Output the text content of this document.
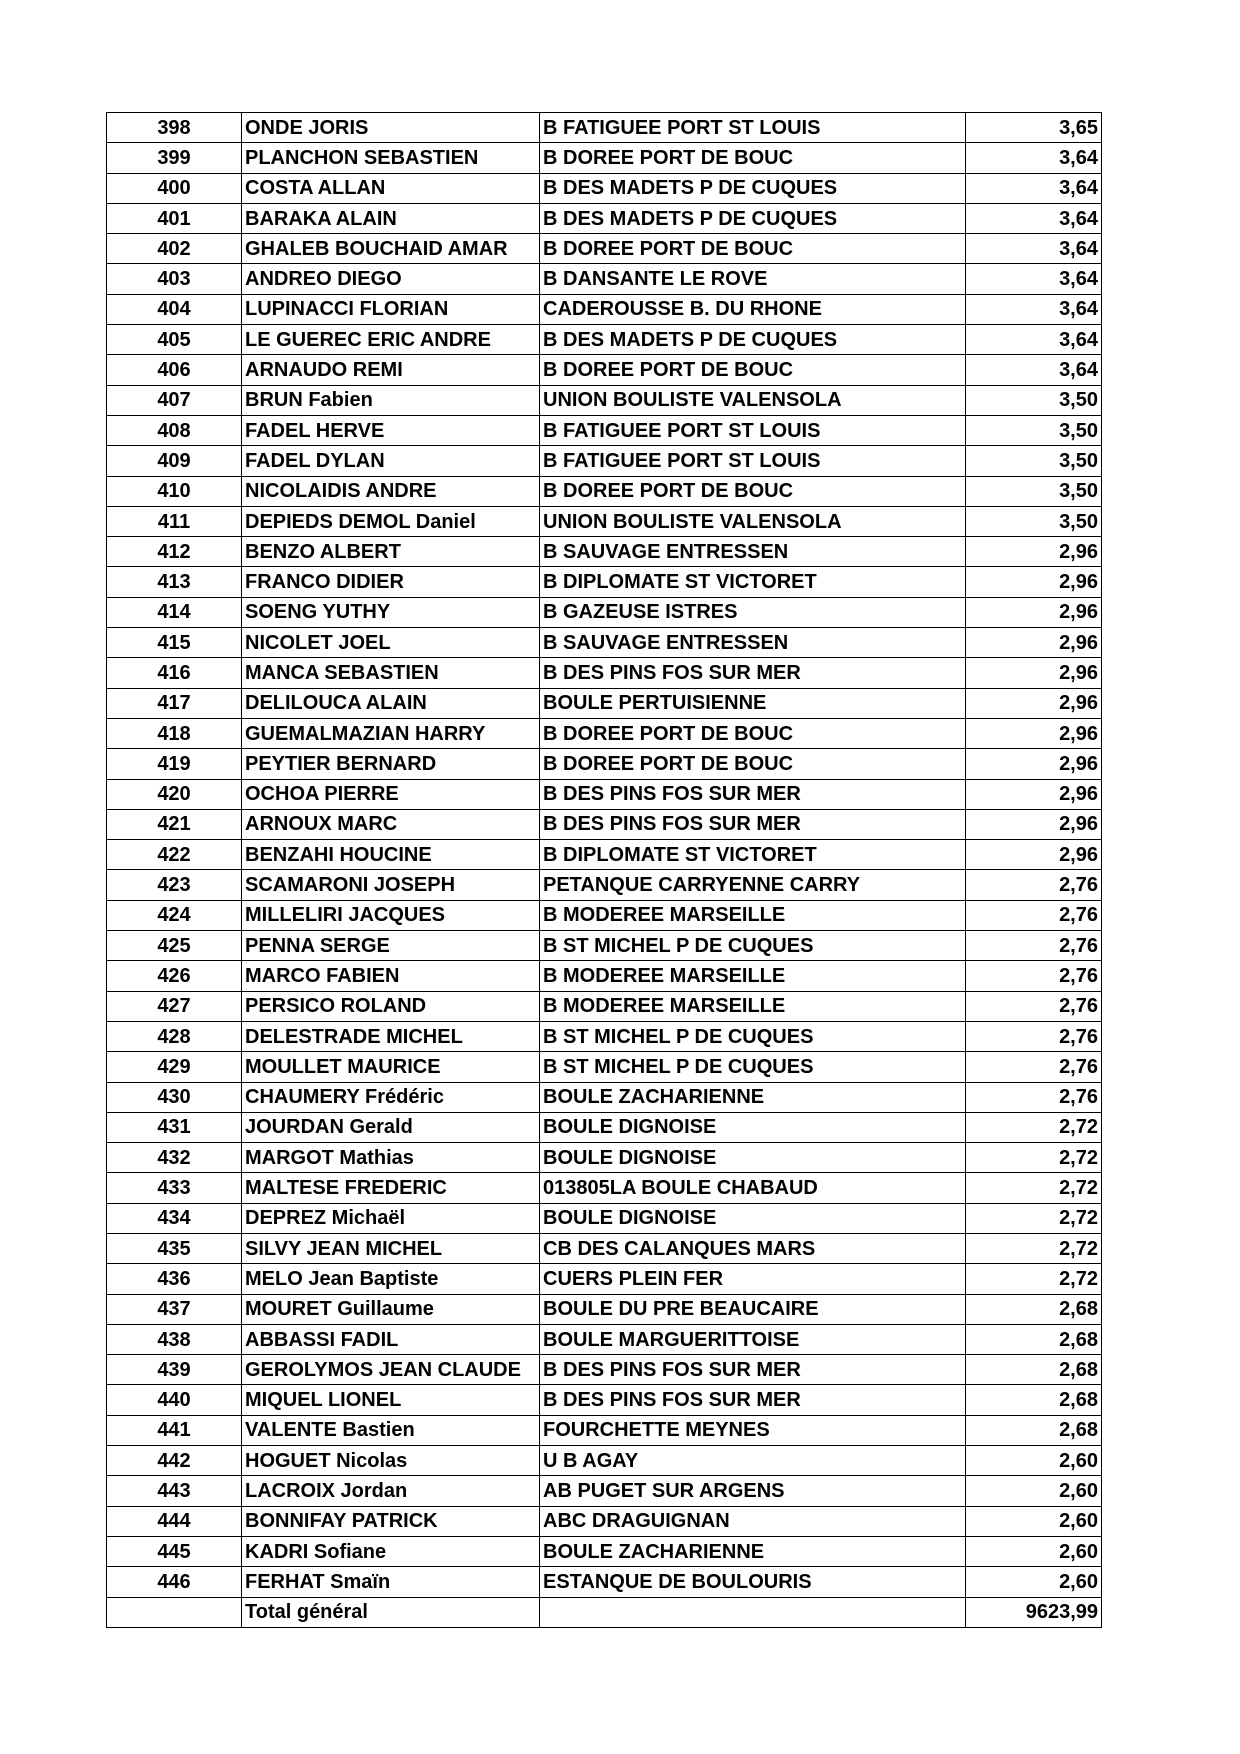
398	ONDE JORIS	B FATIGUEE PORT ST LOUIS	3,65
399	PLANCHON SEBASTIEN	B DOREE PORT DE BOUC	3,64
400	COSTA ALLAN	B DES MADETS P DE CUQUES	3,64
401	BARAKA ALAIN	B DES MADETS P DE CUQUES	3,64
402	GHALEB BOUCHAID AMAR	B DOREE PORT DE BOUC	3,64
403	ANDREO DIEGO	B DANSANTE LE ROVE	3,64
404	LUPINACCI FLORIAN	CADEROUSSE B. DU RHONE	3,64
405	LE GUEREC ERIC ANDRE	B DES MADETS P DE CUQUES	3,64
406	ARNAUDO REMI	B DOREE PORT DE BOUC	3,64
407	BRUN Fabien	UNION BOULISTE VALENSOLA	3,50
408	FADEL HERVE	B FATIGUEE PORT ST LOUIS	3,50
409	FADEL DYLAN	B FATIGUEE PORT ST LOUIS	3,50
410	NICOLAIDIS ANDRE	B DOREE PORT DE BOUC	3,50
411	DEPIEDS DEMOL Daniel	UNION BOULISTE VALENSOLA	3,50
412	BENZO ALBERT	B SAUVAGE ENTRESSEN	2,96
413	FRANCO DIDIER	B DIPLOMATE ST VICTORET	2,96
414	SOENG YUTHY	B GAZEUSE ISTRES	2,96
415	NICOLET JOEL	B SAUVAGE ENTRESSEN	2,96
416	MANCA SEBASTIEN	B DES PINS FOS SUR MER	2,96
417	DELILOUCA ALAIN	BOULE PERTUISIENNE	2,96
418	GUEMALMAZIAN HARRY	B DOREE PORT DE BOUC	2,96
419	PEYTIER BERNARD	B DOREE PORT DE BOUC	2,96
420	OCHOA PIERRE	B DES PINS FOS SUR MER	2,96
421	ARNOUX MARC	B DES PINS FOS SUR MER	2,96
422	BENZAHI HOUCINE	B DIPLOMATE ST VICTORET	2,96
423	SCAMARONI JOSEPH	PETANQUE CARRYENNE CARRY	2,76
424	MILLELIRI JACQUES	B MODEREE MARSEILLE	2,76
425	PENNA SERGE	B ST MICHEL P DE CUQUES	2,76
426	MARCO FABIEN	B MODEREE MARSEILLE	2,76
427	PERSICO ROLAND	B MODEREE MARSEILLE	2,76
428	DELESTRADE MICHEL	B ST MICHEL P DE CUQUES	2,76
429	MOULLET MAURICE	B ST MICHEL P DE CUQUES	2,76
430	CHAUMERY Frédéric	BOULE ZACHARIENNE	2,76
431	JOURDAN Gerald	BOULE DIGNOISE	2,72
432	MARGOT Mathias	BOULE DIGNOISE	2,72
433	MALTESE FREDERIC	013805LA BOULE CHABAUD	2,72
434	DEPREZ Michaël	BOULE DIGNOISE	2,72
435	SILVY JEAN MICHEL	CB DES CALANQUES MARS	2,72
436	MELO Jean Baptiste	CUERS PLEIN FER	2,72
437	MOURET Guillaume	BOULE DU PRE BEAUCAIRE	2,68
438	ABBASSI FADIL	BOULE MARGUERITTOISE	2,68
439	GEROLYMOS JEAN CLAUDE	B DES PINS FOS SUR MER	2,68
440	MIQUEL LIONEL	B DES PINS FOS SUR MER	2,68
441	VALENTE Bastien	FOURCHETTE MEYNES	2,68
442	HOGUET Nicolas	U B AGAY	2,60
443	LACROIX Jordan	AB PUGET SUR ARGENS	2,60
444	BONNIFAY PATRICK	ABC DRAGUIGNAN	2,60
445	KADRI Sofiane	BOULE ZACHARIENNE	2,60
446	FERHAT Smaïn	ESTANQUE DE BOULOURIS	2,60
	Total général		9623,99
